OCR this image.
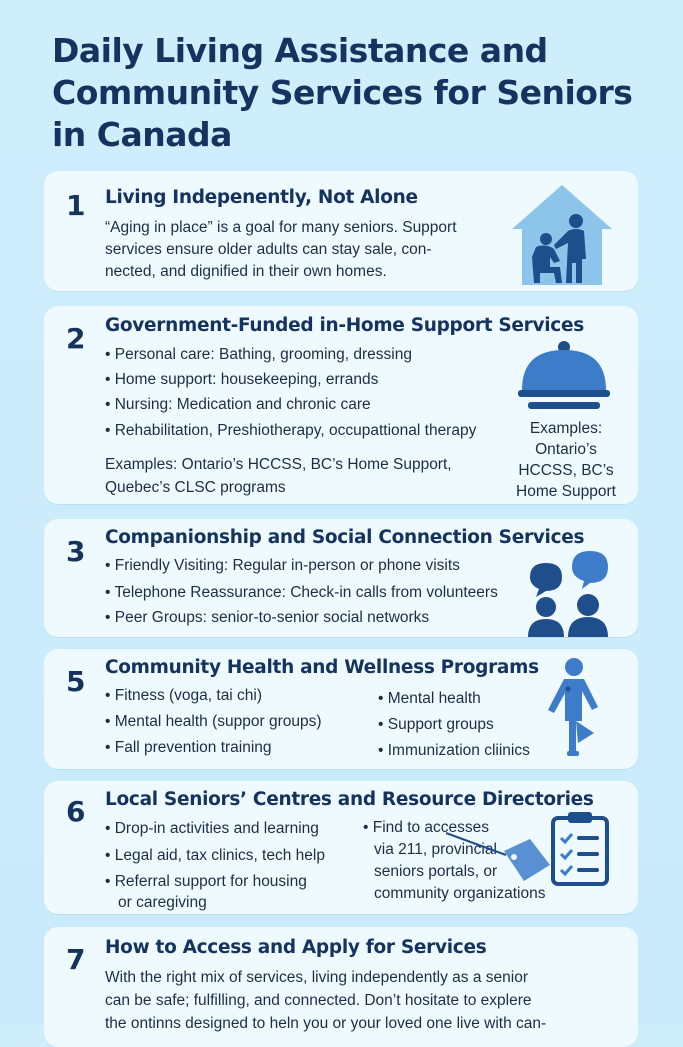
Daily Living Assistance and
Community Services for Seniors
in Canada
1 Living Indepenently, Not Alone
“Aging in place” is a goal for many seniors. Support
services ensure older adults can stay sale, con-
nected, and dignified in their own homes.
2 Government-Funded in-Home Support Services
• Personal care: Bathing, grooming, dressing
• Home support: housekeeping, errands
• Nursing: Medication and chronic care
• Rehabilitation, Preshiotherapy, occupattional therapy
Examples: Ontario’s HCCSS, BC’s Home Support,
Quebec’s CLSC programs
Examples:
Ontario’s
HCCSS, BC’s
Home Support
3 Companionship and Social Connection Services
• Friendly Visiting: Regular in-person or phone visits
• Telephone Reassurance: Check-in calls from volunteers
• Peer Groups: senior-to-senior social networks
5 Community Health and Wellness Programs
• Fitness (voga, tai chi)
• Mental health (suppor groups)
• Fall prevention training
• Mental health
• Support groups
• Immunization cliinics
6 Local Seniors’ Centres and Resource Directories
• Drop-in activities and learning
• Legal aid, tax clinics, tech help
• Referral support for housing
or caregiving
• Find to accesses
via 211, provincial
seniors portals, or
community organizations
7 How to Access and Apply for Services
With the right mix of services, living independently as a senior
can be safe; fulfilling, and connected. Don’t hositate to explere
the ontinns designed to heln you or your loved one live with can-
